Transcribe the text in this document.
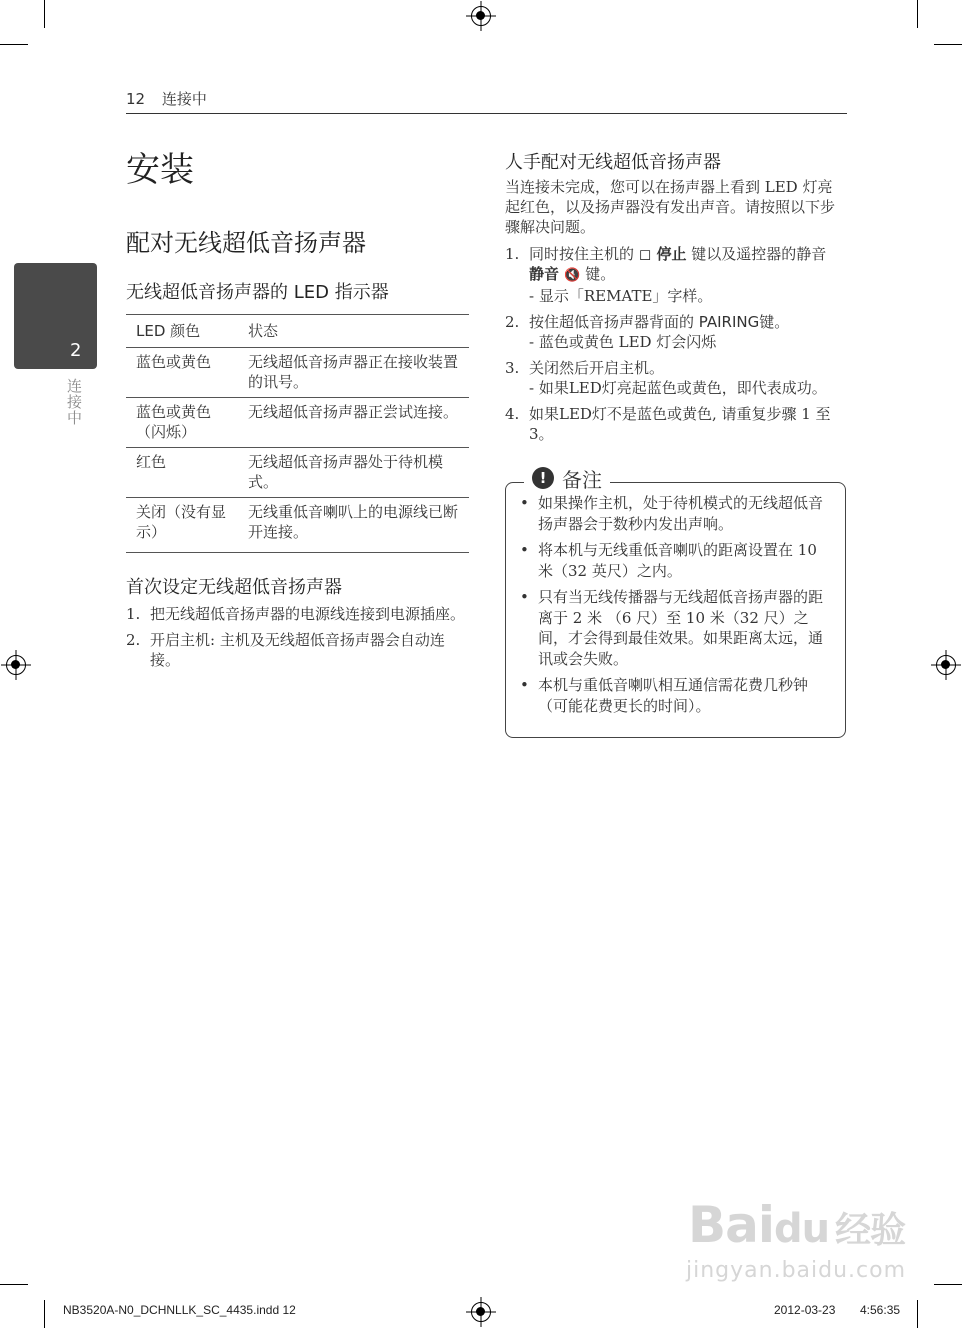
12 连接中
2
连接中
安装
配对无线超低音扬声器
无线超低音扬声器的 LED 指示器
LED 颜色	状态
蓝色或黄色	无线超低音扬声器正在接收装置的讯号。
蓝色或黄色（闪烁）	无线超低音扬声器正尝试连接。
红色	无线超低音扬声器处于待机模式。
关闭（没有显示）	无线重低音喇叭上的电源线已断开连接。
首次设定无线超低音扬声器
1. 把无线超低音扬声器的电源线连接到电源插座。
2. 开启主机: 主机及无线超低音扬声器会自动连接。
人手配对无线超低音扬声器

当连接未完成，您可以在扬声器上看到 LED 灯亮起红色，以及扬声器没有发出声音。请按照以下步骤解决问题。

1. 同时按住主机的 ◻ 停止 键以及遥控器的静音 静音 🔇 键。
- 显示「REMATE」字样。
2. 按住超低音扬声器背面的 PAIRING键。
- 蓝色或黄色 LED 灯会闪烁
3. 关闭然后开启主机。
- 如果LED灯亮起蓝色或黄色，即代表成功。
4. 如果LED灯不是蓝色或黄色, 请重复步骤 1 至 3。
! 备注
• 如果操作主机，处于待机模式的无线超低音扬声器会于数秒内发出声响。
• 将本机与无线重低音喇叭的距离设置在 10 米（32 英尺）之内。
• 只有当无线传播器与无线超低音扬声器的距离于 2 米 （6 尺）至 10 米（32 尺）之间，才会得到最佳效果。如果距离太远，通讯或会失败。
• 本机与重低音喇叭相互通信需花费几秒钟（可能花费更长的时间）。
Baidu 经验
jingyan.baidu.com
NB3520A-N0_DCHNLLK_SC_4435.indd 12	2012-03-23 4:56:35
